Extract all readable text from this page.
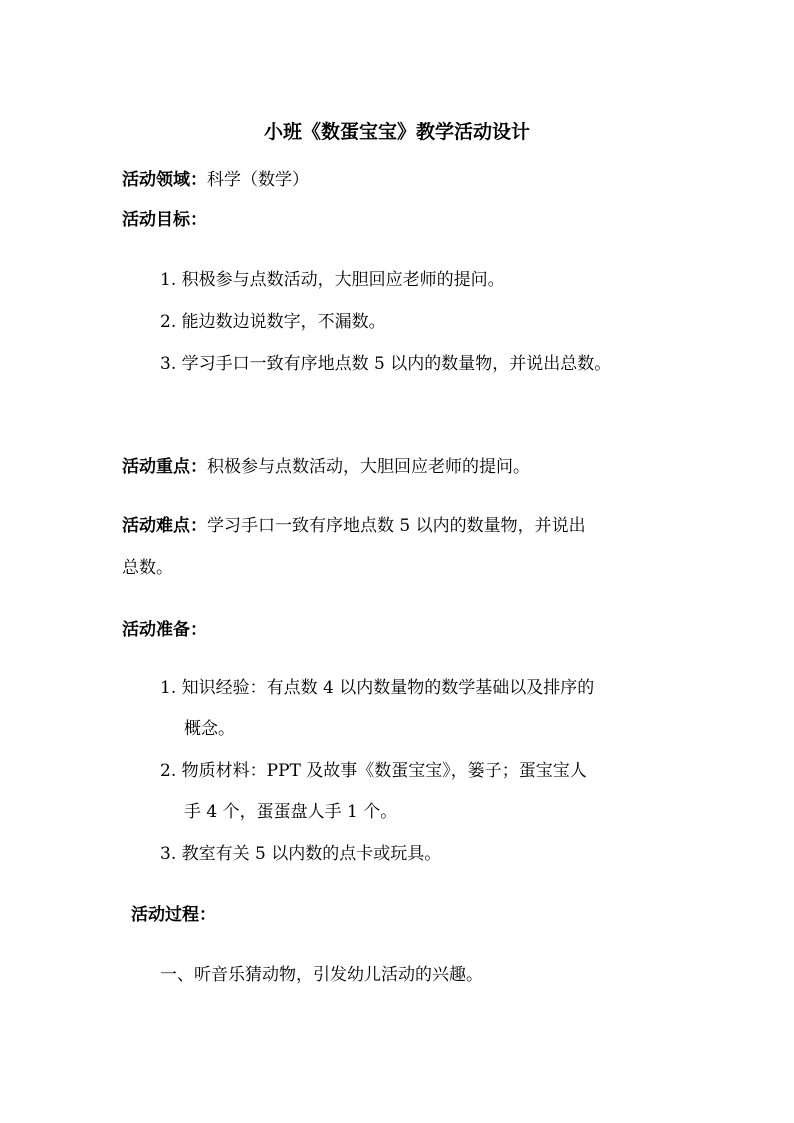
小班《数蛋宝宝》教学活动设计
活动领域：科学（数学）
活动目标：
1. 积极参与点数活动，大胆回应老师的提问。
2. 能边数边说数字，不漏数。
3. 学习手口一致有序地点数 5 以内的数量物，并说出总数。
活动重点：积极参与点数活动，大胆回应老师的提问。
活动难点：学习手口一致有序地点数 5 以内的数量物，并说出
总数。
活动准备：
1. 知识经验：有点数 4 以内数量物的数学基础以及排序的
概念。
2. 物质材料：PPT 及故事《数蛋宝宝》，篓子；蛋宝宝人
手 4 个，蛋蛋盘人手 1 个。
3. 教室有关 5 以内数的点卡或玩具。
活动过程：
一、听音乐猜动物，引发幼儿活动的兴趣。
